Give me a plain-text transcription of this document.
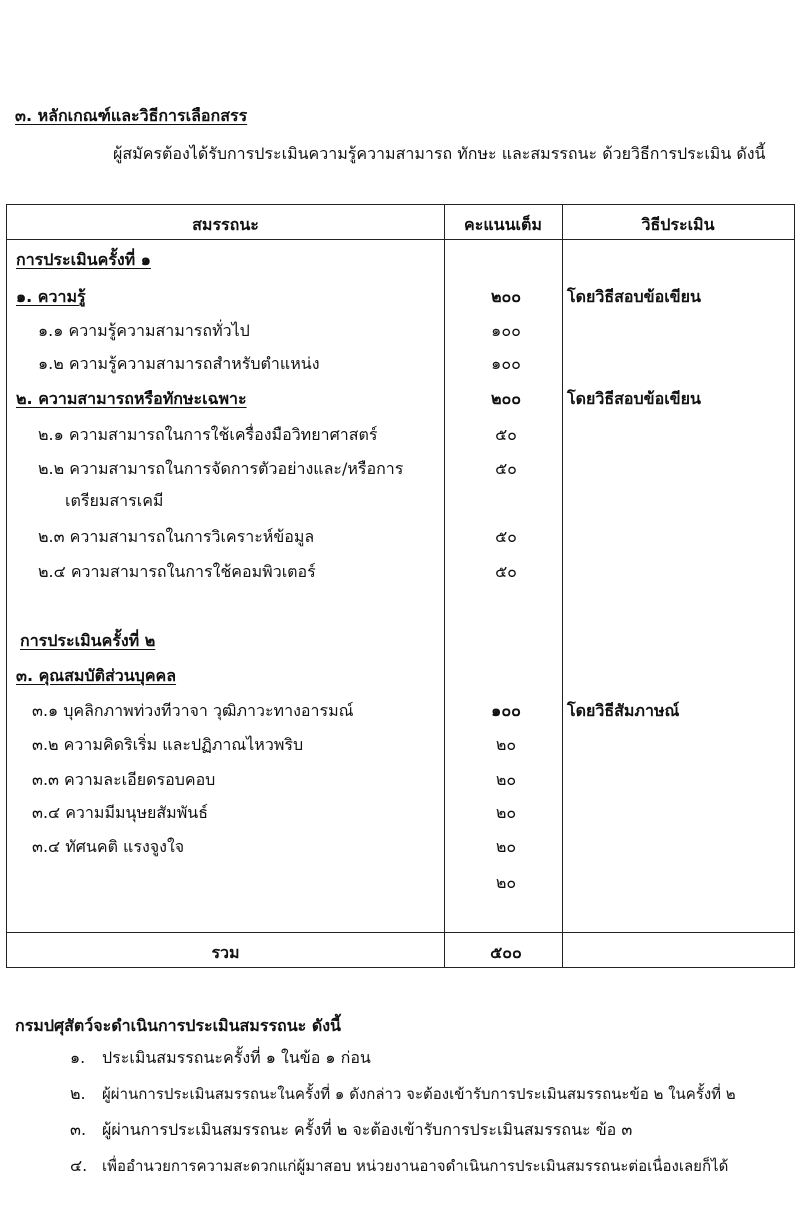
๓. หลักเกณฑ์และวิธีการเลือกสรร
ผู้สมัครต้องได้รับการประเมินความรู้ความสามารถ ทักษะ และสมรรถนะ ด้วยวิธีการประเมิน ดังนี้
สมรรถนะ	คะแนนเต็ม	วิธีประเมิน
การประเมินครั้งที่ ๑
๑. ความรู้	๒๐๐	โดยวิธีสอบข้อเขียน
๑.๑ ความรู้ความสามารถทั่วไป	๑๐๐
๑.๒ ความรู้ความสามารถสำหรับตำแหน่ง	๑๐๐
๒. ความสามารถหรือทักษะเฉพาะ	๒๐๐	โดยวิธีสอบข้อเขียน
๒.๑ ความสามารถในการใช้เครื่องมือวิทยาศาสตร์	๕๐
๒.๒ ความสามารถในการจัดการตัวอย่างและ/หรือการ	๕๐
เตรียมสารเคมี
๒.๓ ความสามารถในการวิเคราะห์ข้อมูล	๕๐
๒.๔ ความสามารถในการใช้คอมพิวเตอร์	๕๐
การประเมินครั้งที่ ๒
๓. คุณสมบัติส่วนบุคคล
๓.๑ บุคลิกภาพท่วงทีวาจา วุฒิภาวะทางอารมณ์	๑๐๐	โดยวิธีสัมภาษณ์
๓.๒ ความคิดริเริ่ม และปฏิภาณไหวพริบ	๒๐
๓.๓ ความละเอียดรอบคอบ	๒๐
๓.๔ ความมีมนุษยสัมพันธ์	๒๐
๓.๔ ทัศนคติ แรงจูงใจ	๒๐
๒๐
รวม	๕๐๐
กรมปศุสัตว์จะดำเนินการประเมินสมรรถนะ ดังนี้
๑. ประเมินสมรรถนะครั้งที่ ๑ ในข้อ ๑ ก่อน
๒. ผู้ผ่านการประเมินสมรรถนะในครั้งที่ ๑ ดังกล่าว จะต้องเข้ารับการประเมินสมรรถนะข้อ ๒ ในครั้งที่ ๒
๓. ผู้ผ่านการประเมินสมรรถนะ ครั้งที่ ๒ จะต้องเข้ารับการประเมินสมรรถนะ ข้อ ๓
๔. เพื่ออำนวยการความสะดวกแก่ผู้มาสอบ หน่วยงานอาจดำเนินการประเมินสมรรถนะต่อเนื่องเลยก็ได้
